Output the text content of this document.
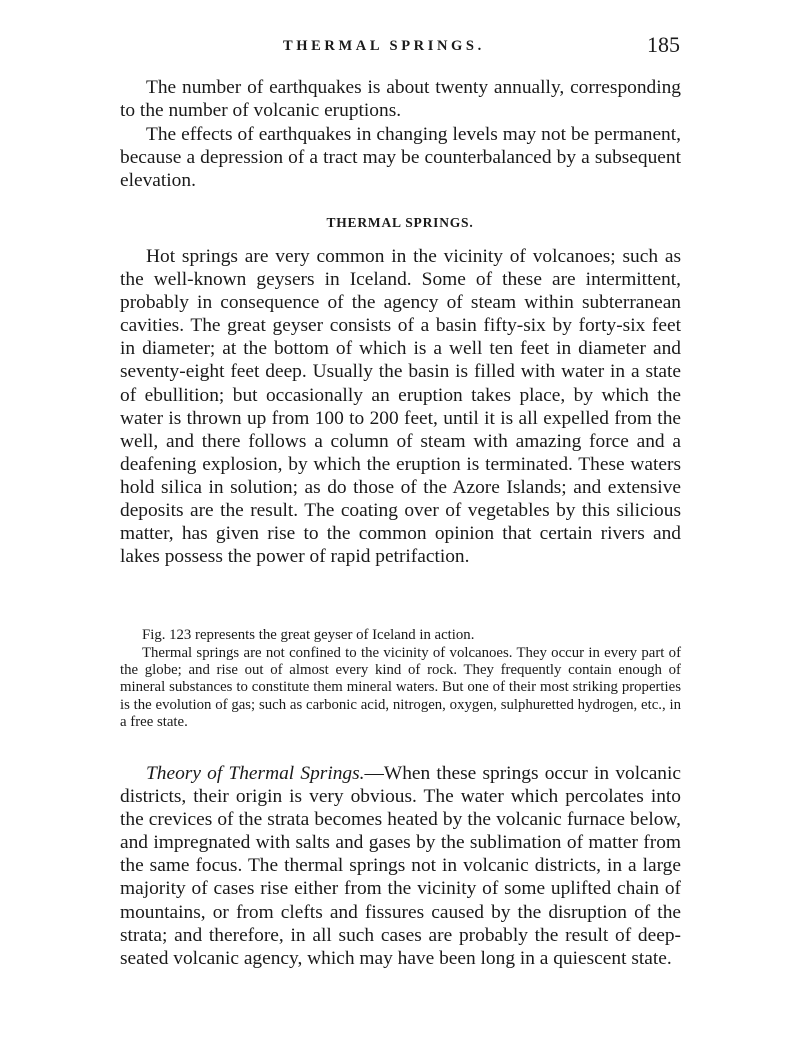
THERMAL SPRINGS.	185

The number of earthquakes is about twenty annually, corresponding to the number of volcanic eruptions.

The effects of earthquakes in changing levels may not be permanent, because a depression of a tract may be counterbalanced by a subsequent elevation.

THERMAL SPRINGS.

Hot springs are very common in the vicinity of volcanoes; such as the well-known geysers in Iceland. Some of these are intermittent, probably in consequence of the agency of steam within subterranean cavities. The great geyser consists of a basin fifty-six by forty-six feet in diameter; at the bottom of which is a well ten feet in diameter and seventy-eight feet deep. Usually the basin is filled with water in a state of ebullition; but occasionally an eruption takes place, by which the water is thrown up from 100 to 200 feet, until it is all expelled from the well, and there follows a column of steam with amazing force and a deafening explosion, by which the eruption is terminated. These waters hold silica in solution; as do those of the Azore Islands; and extensive deposits are the result. The coating over of vegetables by this silicious matter, has given rise to the common opinion that certain rivers and lakes possess the power of rapid petrifaction.

Fig. 123 represents the great geyser of Iceland in action.

Thermal springs are not confined to the vicinity of volcanoes. They occur in every part of the globe; and rise out of almost every kind of rock. They frequently contain enough of mineral substances to constitute them mineral waters. But one of their most striking properties is the evolution of gas; such as carbonic acid, nitrogen, oxygen, sulphuretted hydrogen, etc., in a free state.

Theory of Thermal Springs.—When these springs occur in volcanic districts, their origin is very obvious. The water which percolates into the crevices of the strata becomes heated by the volcanic furnace below, and impregnated with salts and gases by the sublimation of matter from the same focus. The thermal springs not in volcanic districts, in a large majority of cases rise either from the vicinity of some uplifted chain of mountains, or from clefts and fissures caused by the disruption of the strata; and therefore, in all such cases are probably the result of deep-seated volcanic agency, which may have been long in a quiescent state.
